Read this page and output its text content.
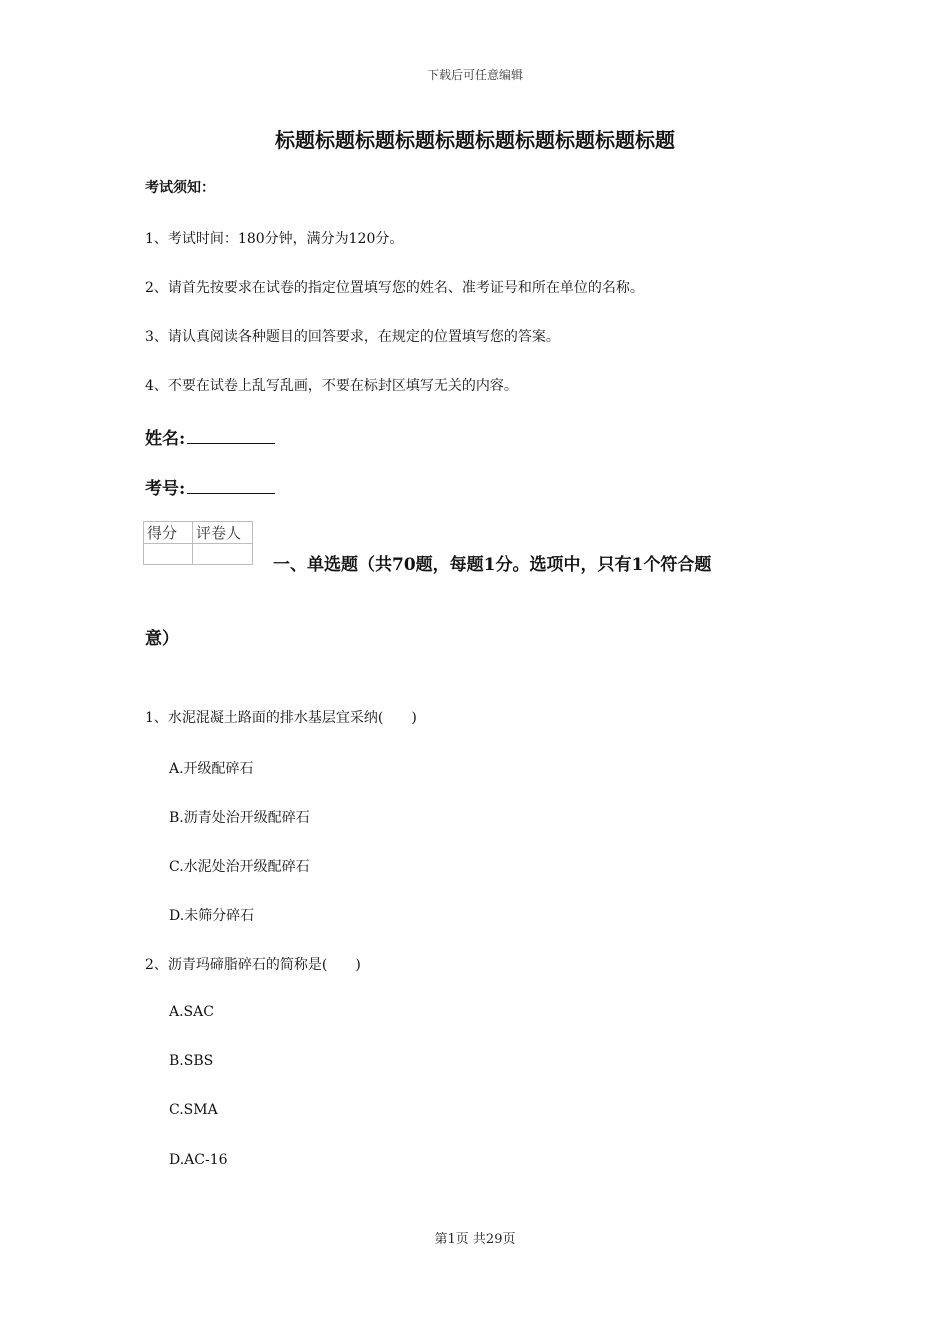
下载后可任意编辑
标题标题标题标题标题标题标题标题标题标题
考试须知：
1、考试时间：180分钟，满分为120分。
2、请首先按要求在试卷的指定位置填写您的姓名、准考证号和所在单位的名称。
3、请认真阅读各种题目的回答要求，在规定的位置填写您的答案。
4、不要在试卷上乱写乱画，不要在标封区填写无关的内容。
姓名:
考号:
得分	评卷人

一、单选题（共70题，每题1分。选项中，只有1个符合题
意）
1、水泥混凝土路面的排水基层宜采纳(　　)
A.开级配碎石
B.沥青处治开级配碎石
C.水泥处治开级配碎石
D.未筛分碎石
2、沥青玛碲脂碎石的简称是(　　)
A.SAC
B.SBS
C.SMA
D.AC-16
第1页 共29页
